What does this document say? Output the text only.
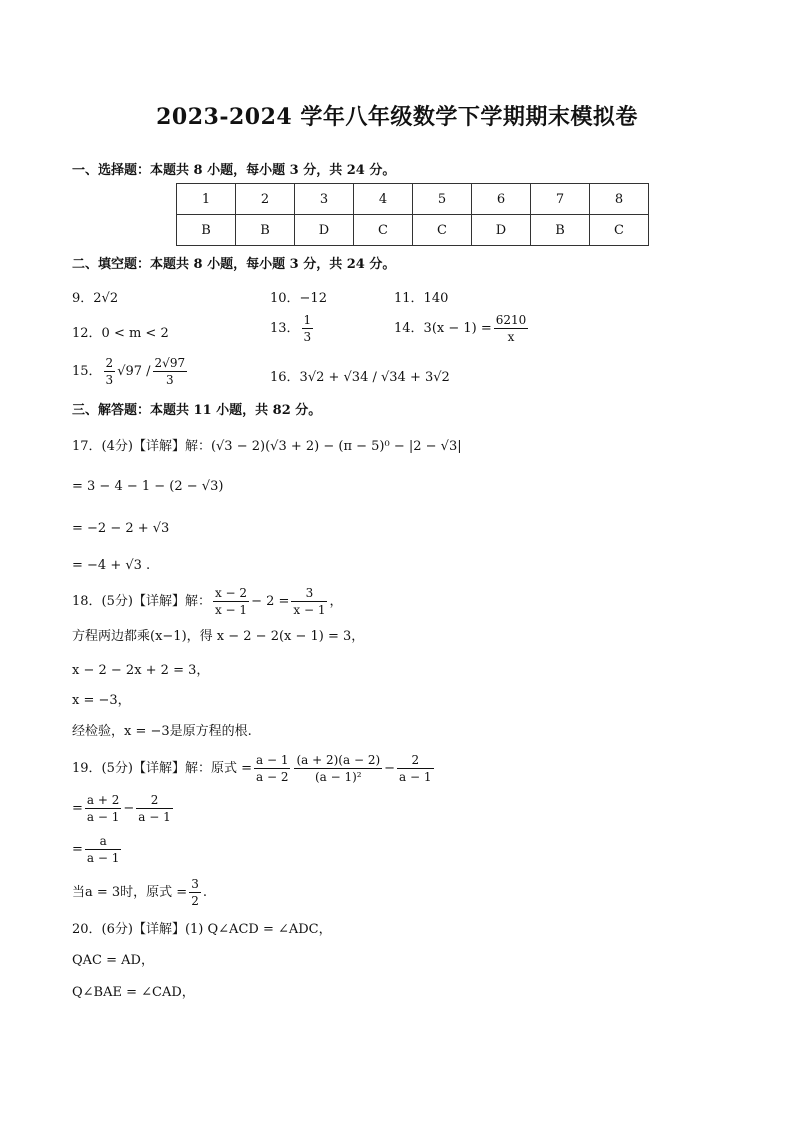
2023-2024 学年八年级数学下学期期末模拟卷
一、选择题：本题共 8 小题，每小题 3 分，共 24 分。
1	2	3	4	5	6	7	8
B	B	D	C	C	D	B	C
二、填空题：本题共 8 小题，每小题 3 分，共 24 分。
9．2√2	10．−12	11．140
12．0 < m < 2	13． $\frac{1}{3}$	14．$3(x - 1) = \frac{6210}{x}$
15． $\frac{2}{3} √97 / \frac{2√97}{3}$	16．3√2 + √34 / √34 + 3√2
三、解答题：本题共 11 小题，共 82 分。
17．(4分)【详解】解：(√3 − 2)(√3 + 2) − (π − 5)⁰ − |2 − √3|
= 3 − 4 − 1 − (2 − √3)
= −2 − 2 + √3
= −4 + √3 .
18．(5分)【详解】解： $\frac{x - 2}{x - 1} - 2 = \frac{3}{x - 1}$ ，
方程两边都乘(x−1)，得 x − 2 − 2(x − 1) = 3，
x − 2 − 2x + 2 = 3，
x = −3，
经检验，x = −3是原方程的根.
19．(5分)【详解】解：原式 = $\frac{a - 1}{a - 2} \frac{(a + 2)(a - 2)}{\text{(a − 1)²}} - \frac{2}{a - 1}$
= $\frac{a + 2}{a - 1} - \frac{2}{a - 1}$
= $\frac{a}{a - 1}$
当a = 3时，原式 = $\frac{3}{2}$ .
20．(6分)【详解】(1) Q∠ACD = ∠ADC，
QAC = AD，
Q∠BAE = ∠CAD，
